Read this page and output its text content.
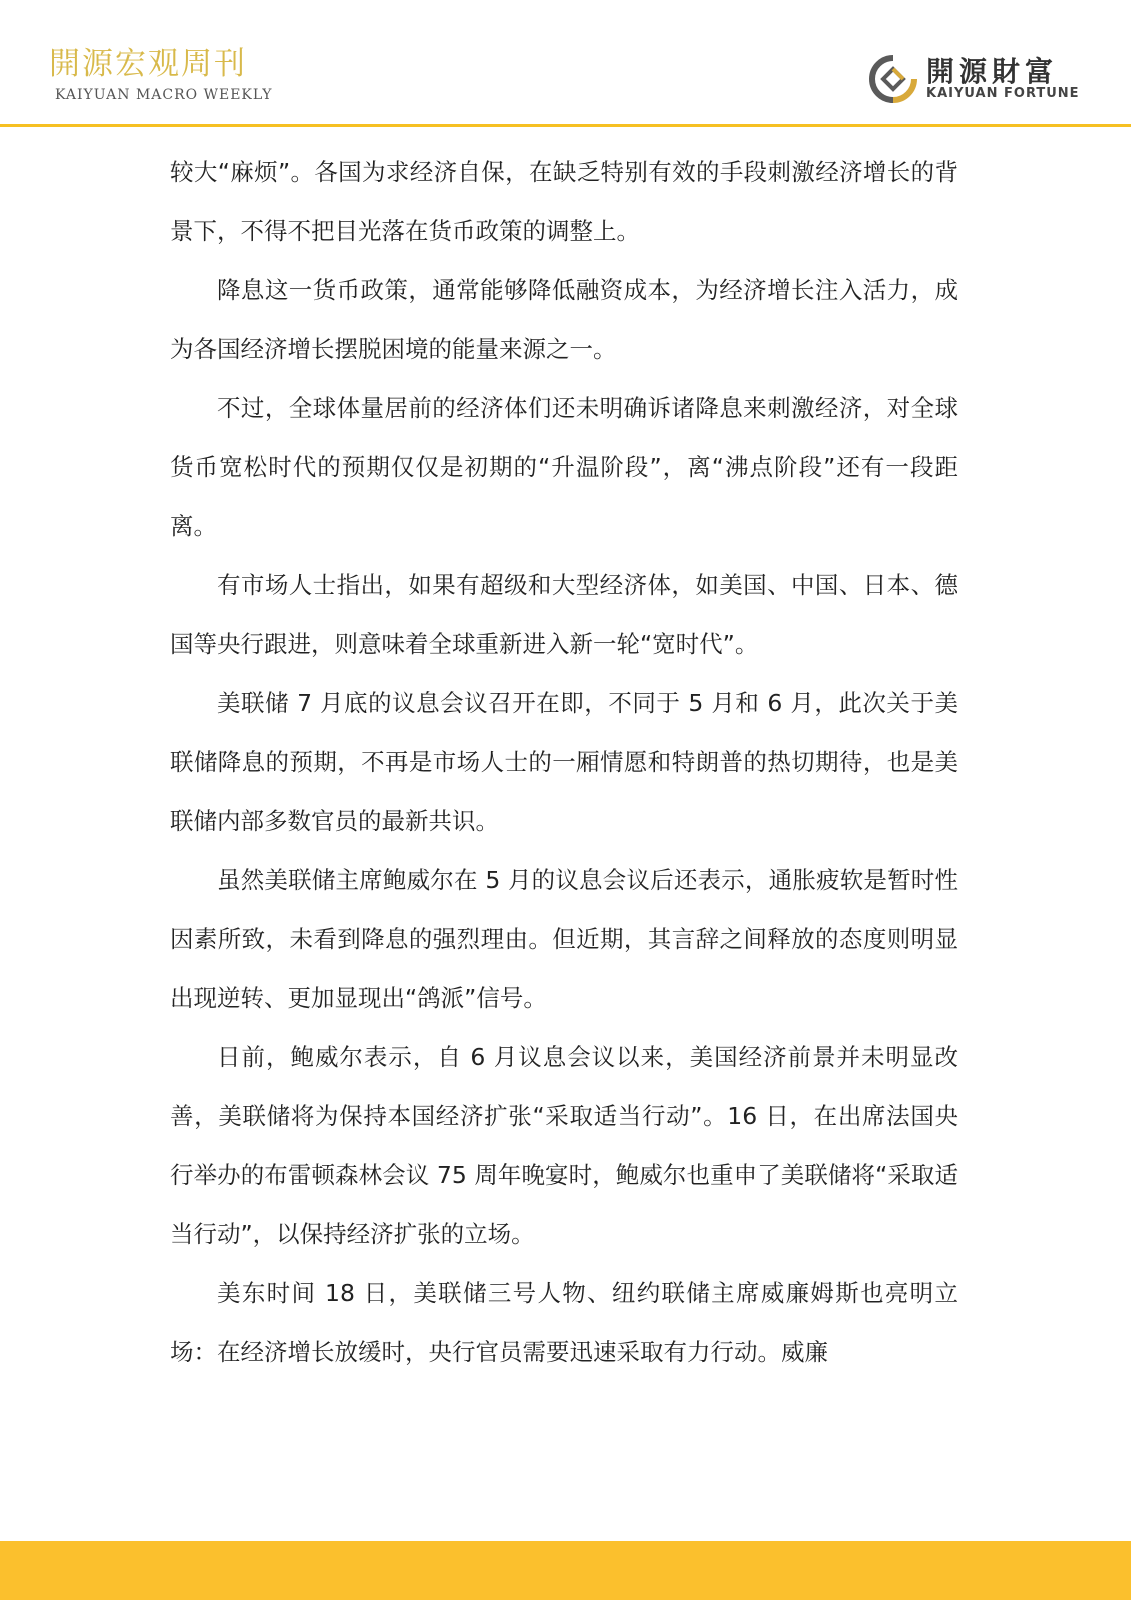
開源宏观周刊
KAIYUAN MACRO WEEKLY
開源財富
KAIYUAN FORTUNE

较大“麻烦”。各国为求经济自保，在缺乏特别有效的手段刺激经济增长的背景下，不得不把目光落在货币政策的调整上。

降息这一货币政策，通常能够降低融资成本，为经济增长注入活力，成为各国经济增长摆脱困境的能量来源之一。

不过，全球体量居前的经济体们还未明确诉诸降息来刺激经济，对全球货币宽松时代的预期仅仅是初期的“升温阶段”，离“沸点阶段”还有一段距离。

有市场人士指出，如果有超级和大型经济体，如美国、中国、日本、德国等央行跟进，则意味着全球重新进入新一轮“宽时代”。

美联储 7 月底的议息会议召开在即，不同于 5 月和 6 月，此次关于美联储降息的预期，不再是市场人士的一厢情愿和特朗普的热切期待，也是美联储内部多数官员的最新共识。

虽然美联储主席鲍威尔在 5 月的议息会议后还表示，通胀疲软是暂时性因素所致，未看到降息的强烈理由。但近期，其言辞之间释放的态度则明显出现逆转、更加显现出“鸽派”信号。

日前，鲍威尔表示，自 6 月议息会议以来，美国经济前景并未明显改善，美联储将为保持本国经济扩张“采取适当行动”。16 日，在出席法国央行举办的布雷顿森林会议 75 周年晚宴时，鲍威尔也重申了美联储将“采取适当行动”，以保持经济扩张的立场。

美东时间 18 日，美联储三号人物、纽约联储主席威廉姆斯也亮明立场：在经济增长放缓时，央行官员需要迅速采取有力行动。威廉
